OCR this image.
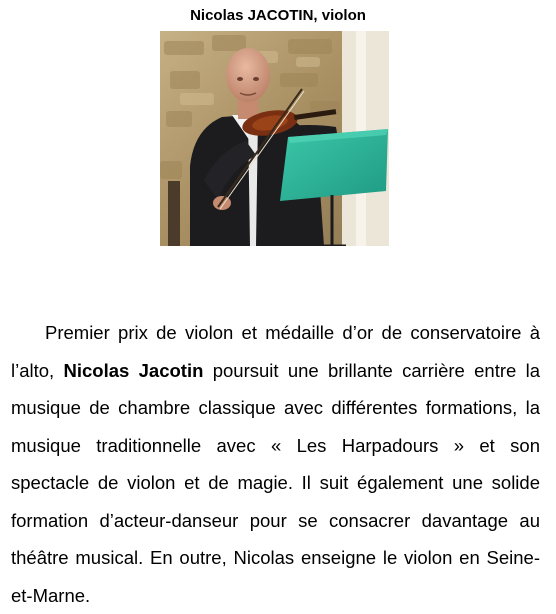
Nicolas JACOTIN, violon

Premier prix de violon et médaille d’or de conservatoire à l’alto, Nicolas Jacotin poursuit une brillante carrière entre la musique de chambre classique avec différentes formations, la musique traditionnelle avec « Les Harpadours » et son spectacle de violon et de magie. Il suit également une solide formation d’acteur-danseur pour se consacrer davantage au théâtre musical. En outre, Nicolas enseigne le violon en Seine-et-Marne.
